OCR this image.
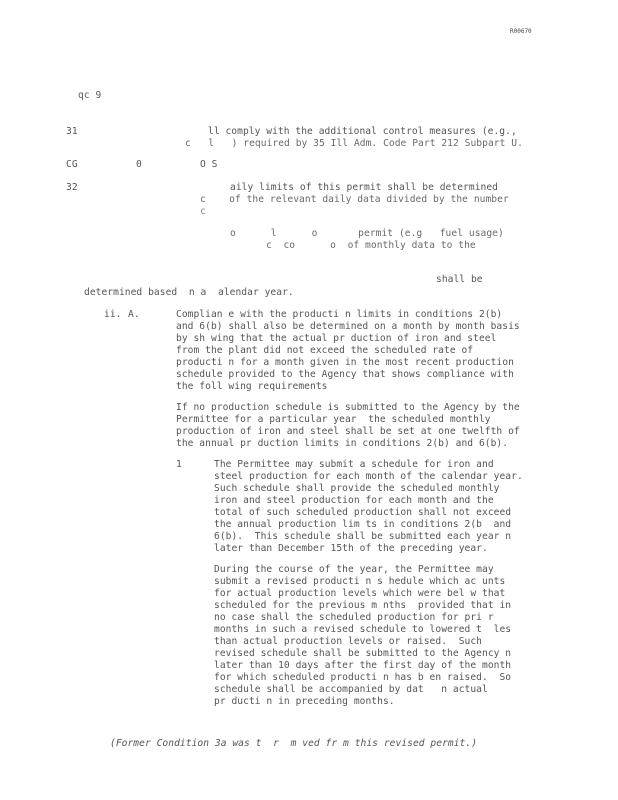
R00670
qc 9
31	ll comply with the additional control measures (e.g.,
c   l   ) required by 35 Ill Adm. Code Part 212 Subpart U.
CG	0	O S
32	aily limits of this permit shall be determined
c    of the relevant daily data divided by the number
c
o      l      o       permit (e.g   fuel usage)
c  co      o  of monthly data to the
shall be
determined based  n a  alendar year.
ii. A.	Complian e with the producti n limits in conditions 2(b)
and 6(b) shall also be determined on a month by month basis
by sh wing that the actual pr duction of iron and steel
from the plant did not exceed the scheduled rate of
producti n for a month given in the most recent production
schedule provided to the Agency that shows compliance with
the foll wing requirements
If no production schedule is submitted to the Agency by the
Permittee for a particular year  the scheduled monthly
production of iron and steel shall be set at one twelfth of
the annual pr duction limits in conditions 2(b) and 6(b).
1	The Permittee may submit a schedule for iron and
steel production for each month of the calendar year.
Such schedule shall provide the scheduled monthly
iron and steel production for each month and the
total of such scheduled production shall not exceed
the annual production lim ts in conditions 2(b  and
6(b).  This schedule shall be submitted each year n
later than December 15th of the preceding year.
During the course of the year, the Permittee may
submit a revised producti n s hedule which ac unts
for actual production levels which were bel w that
scheduled for the previous m nths  provided that in
no case shall the scheduled production for pri r
months in such a revised schedule to lowered t  les
than actual production levels or raised.  Such
revised schedule shall be submitted to the Agency n
later than 10 days after the first day of the month
for which scheduled producti n has b en raised.  So
schedule shall be accompanied by dat   n actual
pr ducti n in preceding months.
(Former Condition 3a was t  r  m ved fr m this revised permit.)
